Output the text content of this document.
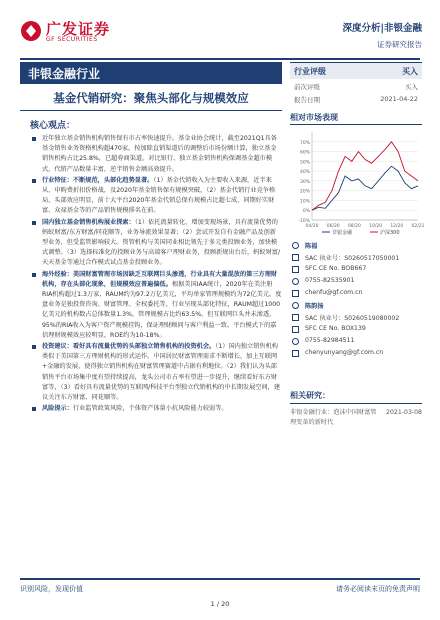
广发证券
GF SECURITIES
深度分析|非银金融
证券研究报告
非银金融行业
基金代销研究：聚焦头部化与规模效应
核心观点：
近年独立基金销售机构销售保有市占率快速提升。基金业协会统计，截至2021Q1具备基金销售业务资格机构超470家。按加除直销渠道后的调整后市场份额计算，独立基金销售机构占比25.8%，已超券商渠道。对比银行、独立基金销售机构保调基金超市模式，代销产品数量丰富，逆半销售金额高效提升。
行业特征：不断规范，头部化趋势显著。（1）基金代销收入为主要收入来源，近半来从、申购费折扣价格战，及2020年基金销售保有规模突破，（2）基金代销行业竞争格局，头部效应明显，前十大平台2020年基金代销总保有规模占比超七成，同期好实财富、众禄基金等的产品销售规模排名在前。
国内独立基金销售机构展业探索：（1）依托流量转化，增加变现场景，具有流量优势的蚂蚁财富/东方财富/同花顺等，业务导流效果显著；（2）尝试开发自有金融产品及创新型业务，但受监管影响较大。资管机构与美国同业相比领先于多元类投顾业务，加快模式调整。（3）选择标准化的投顾业务与高端客户理财业务，投顾新规出台后，蚂蚁财富/天天基金等通过合作模式试点基金投顾业务。
海外经验：美国财富管理市场因缺乏互联网巨头渗透，行业具有大量混放的第三方理财机构，存在头部化现象，但规模效应普遍偏低。根据美国IAA统计，2020年在美注册RIA机构超过1.3万家，RAUM约为97.2万亿美元，平均单家管理规模约为72亿美元。度盘业务是独投资咨询、财富管理、全权委托等，行业呈现头部化特征，RAUM超过1000亿美元的机构数占总体数量1.3%，管理规模占比约63.5%。但互联网巨头并未渗透，95%的RIA收入为客户资产规模挂钩，保证理财顾问与客户利益一致。平台模式下的嘉信理财规模效应较明显，ROE约为10-18%。
投资建议：看好具有流量优势的头部独立销售机构的投资机会。（1）国内独立销售机构类似于美国第三方理财机构的形式运作。中国居民财富管理需求不断增长，加上互联网+金融的发展，使得独立销售机构在财富管理赛道中占据有利地位。（2）我们认为头部销售平台市场集中度有望持续提高，龙头公司市占率有望进一步提升，继续看好东方财富等，（3）看好具有流量优势的互联网/科技平台型独立代销机构的中长期发展空间，建议关注东方财富、同花顺等。
风险提示：行业监管政策风险，个体资产体量小抗风险能力较弱等。
行业评级	买入
前次评级	买入
报告日期	2021-04-22
相对市场表现
-10%
0%
10%
20%
30%
40%
50%
60%
70%
04/20 06/20 08/20 10/20 12/20 02/21
非银金融	沪深300
陈福
SAC 执业号：S0260517050001
SFC CE No. BOB667
0755-82535901
chenfu@gf.com.cn
陈韵扬
SAC 执业号：S0260519080002
SFC CE No. BOX139
0755-82984511
chenyunyang@gf.com.cn
相关研究：
非银金融行业：泡沫中国财富管理变革的新时代
2021-03-08
识别风险，发现价值	请务必阅读末页的免责声明
1 / 20
